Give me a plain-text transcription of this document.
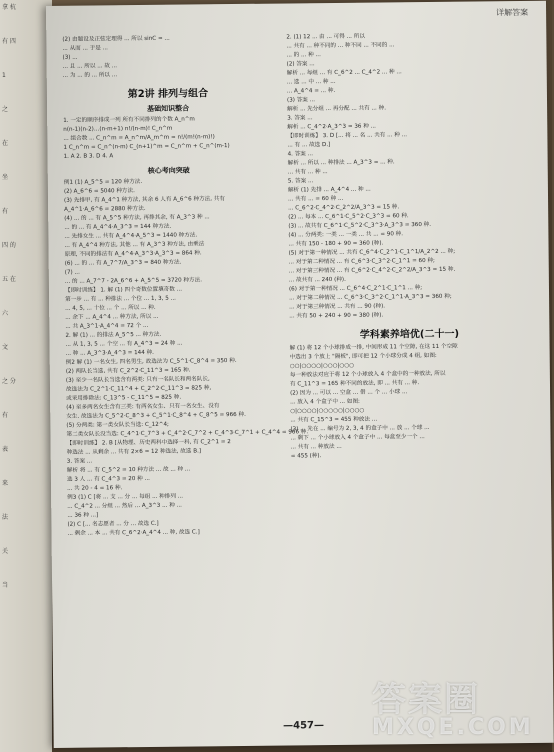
拿 杭
有 四
1
之
在
坐
有
四 的
五 在
六
文
之 分
有
表
来
法
关
当
详解答案
(2) 由题设及正弦定理得 ... 所以 sinC = ...
... 从而 ... 于是 ...
(3) ...
... 且 ... 所以 ... 故 ...
... 为 ... 的 ... 所以 ...
第2讲 排列与组合
基础知识整合
1. 一定的顺序排成一列 所有不同排列的个数 A_n^m
n(n-1)(n-2)…(n-m+1) n!/(n-m)! C_n^m
... 组合数 ... C_n^m = A_n^m/A_m^m = n!/(m!(n-m)!)
1 C_n^m = C_n^(n-m) C_(n+1)^m = C_n^m + C_n^(m-1)
1. A 2. B 3. D 4. A
核心考向突破
例1 (1) A_5^5 = 120 种方法.
(2) A_6^6 = 5040 种方法.
(3) 先排甲, 有 A_4^1 种方法, 其余 6 人有 A_6^6 种方法, 共有
A_4^1·A_6^6 = 2880 种方法.
(4) ... 的 ... 有 A_5^5 种方法, 再排其余, 有 A_3^3 种 ...
... 的 ... 有 A_4^4·A_3^3 = 144 种方法.
... 先排女生 ... 共有 A_4^4·A_5^3 = 1440 种方法.
... 有 A_4^4 种方法, 其他 ... 有 A_3^3 种方法, 由乘法
原理, 不同的排法有 A_4^4·A_3^3·A_3^3 = 864 种.
(6) ... 的 ... 有 A_7^7/A_3^3 = 840 种方法.
(7) ...
... 的 ... A_7^7 - 2A_6^6 + A_5^5 = 3720 种方法.
【即时训练】 1. 解 (1) 四个奇数位置填奇数 ...
第一步 ... 有 ... 种排法 ... 个位 ... 1, 3, 5 ...
... 4, 5, ... 十位 ... 个 ... 所以 ... 种.
... 余下 ... A_4^4 ... 种方法, 所以 ...
... 共 A_3^1·A_4^4 = 72 个 ...
2. 解 (1) ... 的排法 A_5^5 ... 种方法.
... 从 1, 3, 5 ... 个空 ... 有 A_4^3 = 24 种 ...
... 种 ... A_3^3·A_4^3 = 144 种.
例2 解 (1) 一名女生, 四名男生, 故选法为 C_5^1·C_8^4 = 350 种.
(2) 两队长当选, 共有 C_2^2·C_11^3 = 165 种.
(3) 至少一名队长当选含有两类: 只有一名队长和两名队长,
故选法为 C_2^1·C_11^4 + C_2^2·C_11^3 = 825 种,
或采用排除法: C_13^5 - C_11^5 = 825 种.
(4) 至多两名女生含有三类: 有两名女生、只有一名女生、没有
女生. 故选法为 C_5^2·C_8^3 + C_5^1·C_8^4 + C_8^5 = 966 种.
(5) 分两类: 第一类女队长当选: C_12^4;
第二类女队长没当选: C_4^1·C_7^3 + C_4^2·C_7^2 + C_4^3·C_7^1 + C_4^4 = 966 种.
【即时训练】 2. B [从物理、历史两科中选择一科, 有 C_2^1 = 2
种选法 ... 从剩余 ... 共有 2×6 = 12 种选法, 故选 B.]
3. 答案 ...
解析 将 ... 有 C_5^2 = 10 种方法 ... 故 ... 种 ...
选 3 人 ... 有 C_4^3 = 20 种 ...
... 共 20 - 4 = 16 种.
例3 (1) C [将 ... 支 ... 分 ... 每组 ... 种排列 ...
... C_4^2 ... 分组 ... 然后 ... A_3^3 ... 种 ...
... 36 种 ...]
(2) C [... 名志愿者 ... 分 ... 故选 C.]
... 剩余 ... 本 ... 共有 C_6^2·A_4^4 ... 种, 故选 C.]
2. (1) 12 ... 由 ... 可得 ... 所以
... 共有 ... 种不同的 ... 种不同 ... 不同的 ...
... 的 ... 种 ...
(2) 答案 ...
解析 ... 每组 ... 有 C_6^2 ... C_4^2 ... 种 ...
... 选 ... 中 ... 种 ...
... A_4^4 = ... 种.
(3) 答案 ...
解析 ... 先分组 ... 再分配 ... 共有 ... 种.
3. 答案 ...
解析 ... C_4^2·A_3^3 = 36 种 ...
【即时训练】 3. D [... 将 ... 名 ... 共有 ... 种 ...
... 有 ... 故选 D.]
4. 答案 ...
解析 ... 所以 ... 种排法 ... A_3^3 = ... 种.
... 共有 ... 种 ...
5. 答案 ...
解析 (1) 先排 ... A_4^4 ... 种 ...
... 共有 ... = 60 种 ...
... C_6^2·C_4^2·C_2^2/A_3^3 = 15 种.
(2) ... 每本 ... C_6^1·C_5^2·C_3^3 = 60 种.
(3) ... 故共有 C_6^1·C_5^2·C_3^3·A_3^3 = 360 种.
(4) ... 分两类: 一类 ... 一类 ... 共 ... = 90 种.
... 共有 150 - 180 + 90 = 360 (种).
(5) 对于第一种情况 ... 共有 C_6^4·C_2^1·C_1^1/A_2^2 ... 种;
... 对于第二种情况 ... 有 C_6^3·C_3^2·C_1^1 = 60 种;
... 对于第三种情况 ... 有 C_6^2·C_4^2·C_2^2/A_3^3 = 15 种.
... 故共有 ... 240 (种).
(6) 对于第一种情况 ... C_6^4·C_2^1·C_1^1 ... 种;
... 对于第二种情况 ... C_6^3·C_3^2·C_1^1·A_3^3 = 360 种;
... 对于第三种情况 ... 共有 ... 90 (种).
... 共有 50 + 240 + 90 = 380 (种).
学科素养培优(二十一)
解 (1) 将 12 个小球排成一排, 中间形成 11 个空隙, 在这 11 个空隙
中选出 3 个放上 "隔板", 即可把 12 个小球分成 4 组, 如图:
○○|○○○○|○○○|○○○
每一种放法对应于将 12 个小球放入 4 个盒中的一种放法, 所以
有 C_11^3 = 165 种不同的放法, 即 ... 共有 ... 种.
(2) 因为 ... 可以 ... 空盒 ... 借 ... 个 ... 小球 ...
... 放入 4 个盒子中 ... 如图:
○|○○○○|○○○○○|○○○○
... 共有 C_15^3 = 455 种放法 ...
(3) ... 先在 ... 编号为 2, 3, 4 的盒子中 ... 放 ... 个球 ...
... 剩下 ... 个小球放入 4 个盒子中 ... 每盒至少一个 ...
... 共有 ... 种放法 ...
= 455 (种).
—457—
答案圈
MXQE.COM
